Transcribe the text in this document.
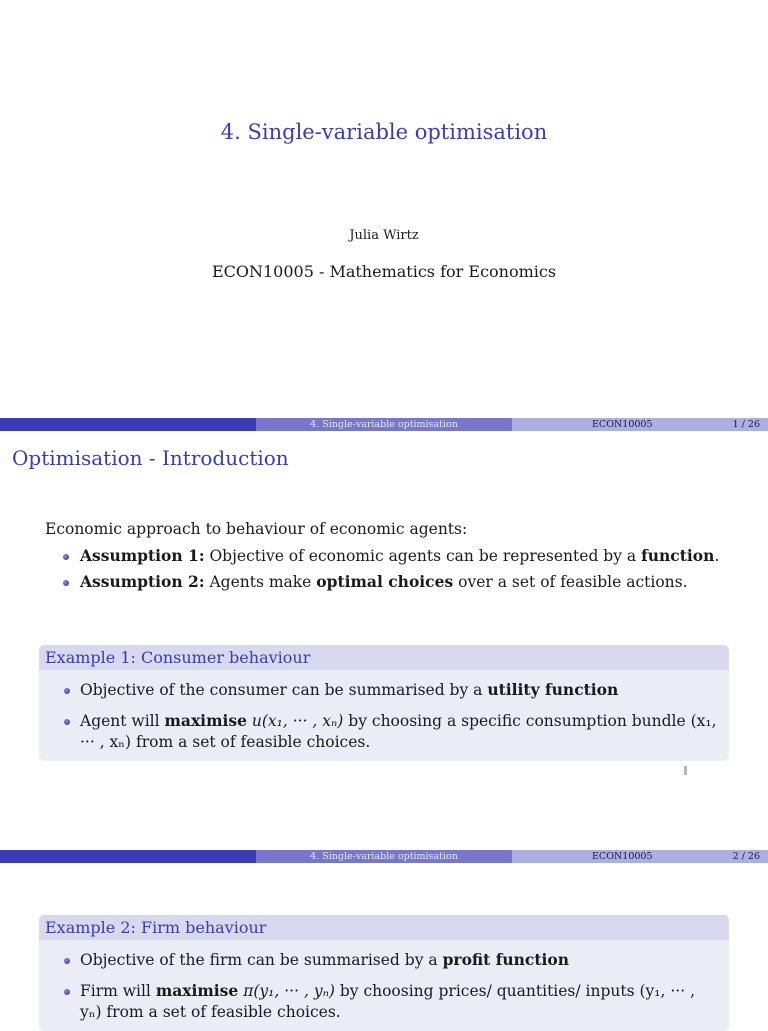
4. Single-variable optimisation
Julia Wirtz
ECON10005 - Mathematics for Economics
4. Single-variable optimisation	ECON10005	1 / 26
Optimisation - Introduction
Economic approach to behaviour of economic agents:
Assumption 1: Objective of economic agents can be represented by a function.
Assumption 2: Agents make optimal choices over a set of feasible actions.
Example 1: Consumer behaviour
Objective of the consumer can be summarised by a utility function
Agent will maximise u(x₁, ··· , xₙ) by choosing a specific consumption bundle (x₁, ··· , xₙ) from a set of feasible choices.
4. Single-variable optimisation	ECON10005	2 / 26
Example 2: Firm behaviour
Objective of the firm can be summarised by a profit function
Firm will maximise π(y₁, ··· , yₙ) by choosing prices/ quantities/ inputs (y₁, ··· , yₙ) from a set of feasible choices.
